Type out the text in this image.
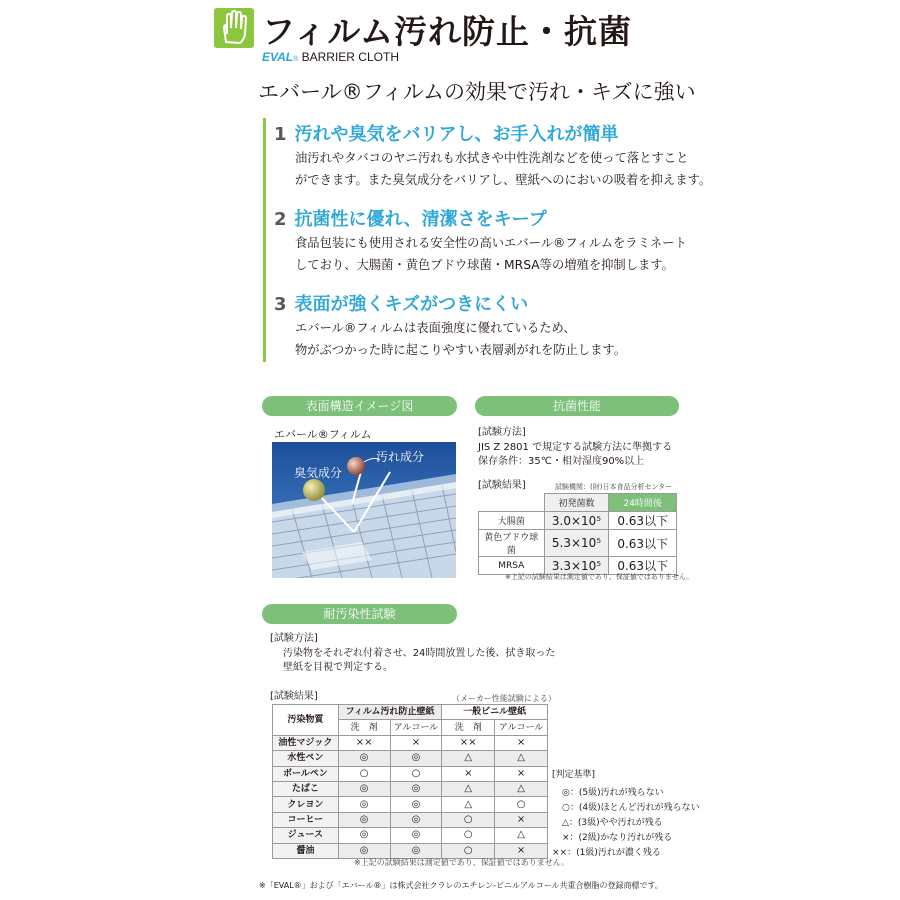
フィルム汚れ防止・抗菌
EVAL® BARRIER CLOTH
エバール®フィルムの効果で汚れ・キズに強い
1 汚れや臭気をバリアし、お手入れが簡単
油汚れやタバコのヤニ汚れも水拭きや中性洗剤などを使って落とすこと
ができます。また臭気成分をバリアし、壁紙へのにおいの吸着を抑えます。
2 抗菌性に優れ、清潔さをキープ
食品包装にも使用される安全性の高いエバール®フィルムをラミネート
しており、大腸菌・黄色ブドウ球菌・MRSA等の増殖を抑制します。
3 表面が強くキズがつきにくい
エバール®フィルムは表面強度に優れているため、
物がぶつかった時に起こりやすい表層剥がれを防止します。
表面構造イメージ図
エバール®フィルム
臭気成分
汚れ成分
抗菌性能
[試験方法]
JIS Z 2801 で規定する試験方法に準拠する
保存条件：35℃・相対湿度90%以上
[試験結果]	試験機関：(財)日本食品分析センター
	初発菌数	24時間後
大腸菌	3.0×10⁵	0.63以下
黄色ブドウ球菌	5.3×10⁵	0.63以下
MRSA	3.3×10⁵	0.63以下
※上記の試験結果は測定値であり、保証値ではありません。
耐汚染性試験
[試験方法]
汚染物をそれぞれ付着させ、24時間放置した後、拭き取った
壁紙を目視で判定する。
[試験結果]	（メーカー性能試験による）
汚染物質	フィルム汚れ防止壁紙		一般ビニル壁紙	
	洗　剤	アルコール	洗　剤	アルコール
油性マジック	××	×	××	×
水性ペン	◎	◎	△	△
ボールペン	○	○	×	×
たばこ	◎	◎	△	△
クレヨン	◎	◎	△	○
コーヒー	◎	◎	○	×
ジュース	◎	◎	○	△
醤油	◎	◎	○	×
※上記の試験結果は測定値であり、保証値ではありません。
[判定基準]
◎：(5級)汚れが残らない
○：(4級)ほとんど汚れが残らない
△：(3級)やや汚れが残る
×：(2級)かなり汚れが残る
××：(1級)汚れが濃く残る
※「EVAL®」および「エバール®」は株式会社クラレのエチレン-ビニルアルコール共重合樹脂の登録商標です。
